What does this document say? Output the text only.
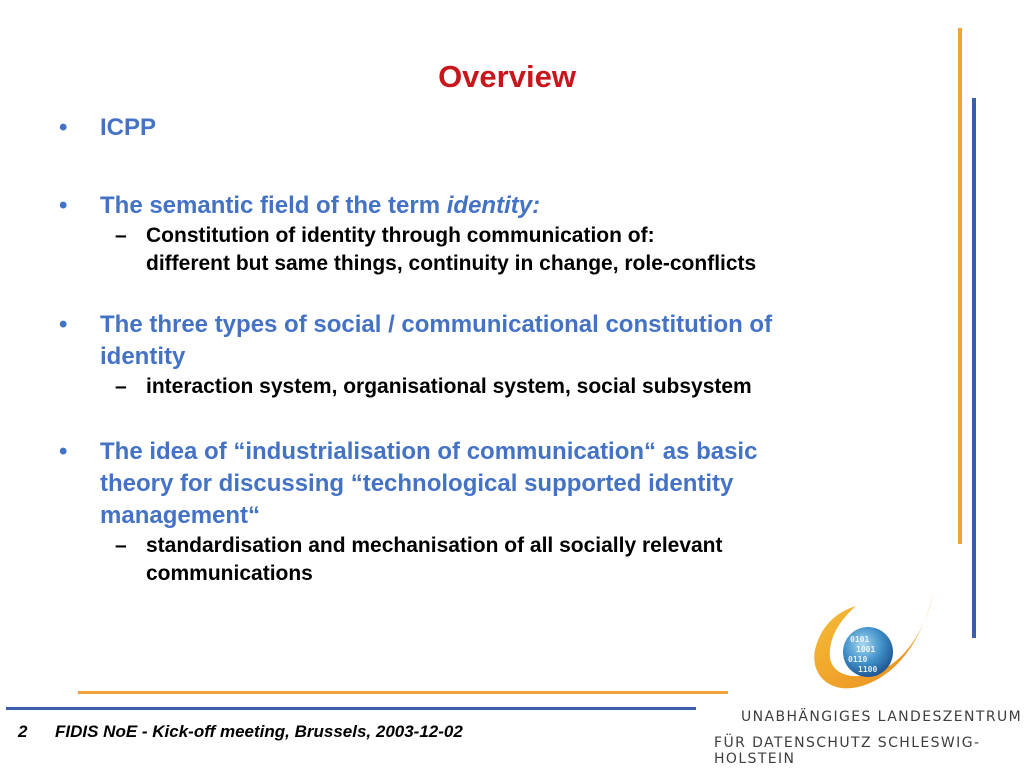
Overview
• ICPP
• The semantic field of the term identity:
– Constitution of identity through communication of:
different but same things, continuity in change, role-conflicts
• The three types of social / communicational constitution of
identity
– interaction system, organisational system, social subsystem
• The idea of “industrialisation of communication“ as basic
theory for discussing “technological supported identity
management“
– standardisation and mechanisation of all socially relevant
communications
0101
1001
0110
1100
UNABHÄNGIGES LANDESZENTRUM
FÜR DATENSCHUTZ SCHLESWIG-HOLSTEIN
2 FIDIS NoE - Kick-off meeting, Brussels, 2003-12-02
